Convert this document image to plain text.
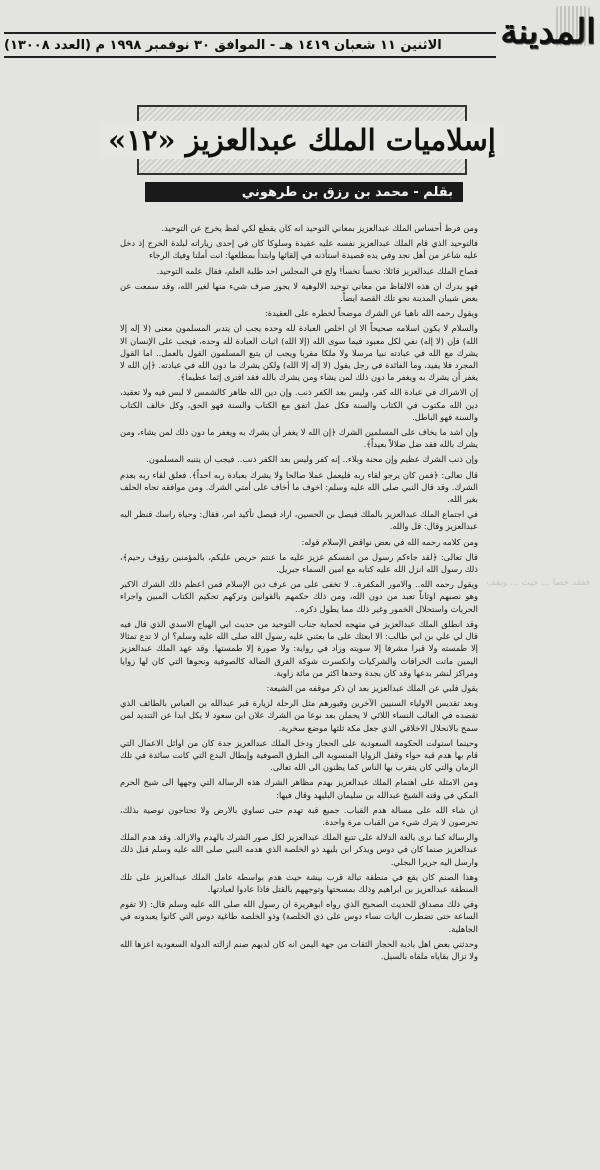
المدينة
الاثنين ١١ شعبان ١٤١٩ هـ - الموافق ٣٠ نوفمبر ١٩٩٨ م (العدد ١٣٠٠٨)
إسلاميات الملك عبدالعزيز «١٢»
بقلم - محمد بن رزق بن طرهوني
ففقد حصا ... حيث ... ويقف

ومن فرط أحساس الملك عبدالعزيز بمعاني التوحيد انه كان يقطع لكي لفظ يخرج عن التوحيد.

فالتوحيد الذي قام الملك عبدالعزيز نفسه عليه عقيدة وسلوكا كان في إحدى زياراته لبلدة الخرج إذ دخل عليه شاعر من أهل نجد وفي يده قصيدة استأذنه في إلقائها وابتدأ بمطلعها: انت أملنا وفيك الرجاء

فصاح الملك عبدالعزيز قائلا: تخسأ تخسأ! ولج في المجلس احد طلبة العلم، فقال علمه التوحيد.

فهو يدرك ان هذه الالفاظ من معاني توحيد الالوهية لا يجوز صرف شيء منها لغير الله، وقد سمعت عن بعض شيبان المدينة نحو تلك القصة ايضاً.

ويقول رحمه الله ناهيا عن الشرك موضحاً لخطره على العقيدة:

والسلام لا يكون اسلامه صحيحاً الا ان اخلص العبادة لله وحده يجب ان يتدبر المسلمون معنى (لا إله إلا الله) فإن (لا إله) نفي لكل معبود فيما سوى الله (إلا الله) اثبات العبادة لله وحده، فيجب على الإنسان الا يشرك مع الله في عبادته نبيا مرسلا ولا ملكا مقربا ويجب ان يتبع المسلمون القول بالعمل.. اما القول المجرد فلا يفيد، وما الفائدة في رجل يقول (لا إله إلا الله) ولكن يشرك ما دون الله في عبادته. ﴿إن الله لا يغفر أن يشرك به ويغفر ما دون ذلك لمن يشاء ومن يشرك بالله فقد افترى إثما عظيما﴾.

إن الاشراك في عبادة الله كفر، وليس بعد الكفر ذنب. وإن دين الله ظاهر كالشمس لا لبس فيه ولا تعقيد، دين الله مكتوب في الكتاب والسنة فكل عمل اتفق مع الكتاب والسنة فهو الحق، وكل خالف الكتاب والسنة فهو الباطل.

وإن اشد ما يخاف على المسلمين الشرك ﴿إن الله لا يغفر أن يشرك به ويغفر ما دون ذلك لمن يشاء، ومن يشرك بالله فقد ضل ضلالاً بعيداً﴾.

وإن ذنب الشرك عظيم وإن محنة وبلاء.. إنه كفر وليس بعد الكفر ذنب.. فيجب ان يتنبه المسلمون.

قال تعالى: ﴿فمن كان يرجو لقاء ربه فليعمل عملا صالحا ولا يشرك بعبادة ربه احداً﴾. فعلق لقاء ربه بعدم الشرك. وقد قال النبي صلى الله عليه وسلم: اخوف ما أخاف على أمتي الشرك. ومن موافقه تجاه الحلف بغير الله.

في اجتماع الملك عبدالعزيز بالملك فيصل بن الحسين، اراد فيصل تأكيد امر، فقال: وحياة راسك فنظر اليه عبدالعزيز وقال: قل والله.

ومن كلامه رحمه الله في بعض نواقض الإسلام قوله:

قال تعالى: ﴿لقد جاءكم رسول من انفسكم عزيز عليه ما عنتم حريص عليكم، بالمؤمنين رؤوف رحيم﴾، ذلك رسول الله انزل الله عليه كتابه مع امين السماء جبريل.

ويقول رحمه الله.. والامور المكفرة.. لا تخفى على من عرف دين الإسلام فمن اعظم ذلك الشرك الاكبر وهو نصبهم اوثاناً تعبد من دون الله، ومن ذلك حكمهم بالقوانين وتركهم تحكيم الكتاب المبين واجراء الحريات واستحلال الخمور وغير ذلك مما يطول ذكره..

وقد انطلق الملك عبدالعزيز في منهجه لحماية جناب التوحيد من حديث ابي الهياج الاسدي الذي قال فيه قال لي علي بن ابي طالب: الا ابعثك على ما بعثني عليه رسول الله صلى الله عليه وسلم؟ ان لا تدع تمثالا إلا طمسته ولا قبرا مشرفا إلا سويته وزاد في رواية: ولا صورة إلا طمستها. وقد عهد الملك عبدالعزيز اليمين ماتت الخرافات والشركيات وانكسرت شوكة الفرق الضالة كالصوفية ونحوها التي كان لها زوايا ومراكز لنشر بدعها وقد كان بجدة وحدها اكثر من مائة زاوية.

يقول فلبي عن الملك عبدالعزيز بعد ان ذكر موقفه من الشيعة:

وبعد تقديس الاولياء السنيين الآخرين وقبورهم مثل الرحلة لزيارة قبر عبدالله بن العباس بالطائف الذي تقصده في الغالب النساء اللائي لا يحملن بعد نوعا من الشرك علان ابن سعود لا يكل ابدا عن التنديد لمن سمح بالانحلال الاخلاقي الذي جعل مكة ثلثها موضع سخرية.

وحينما استولت الحكومة السعودية على الحجاز ودخل الملك عبدالعزيز جدة كان من اوائل الاعمال التي قام بها هدم قبة حواء وقفل الزوايا المنسوبة الى الطرق الصوفية وإبطال البدع التي كانت سائدة في تلك الزمان والتي كان يتقرب بها الناس كما يظنون الى الله تعالى.

ومن الامثلة على اهتمام الملك عبدالعزيز بهدم مظاهر الشرك هذه الرسالة التي وجهها الى شيخ الحرم المكي في وقته الشيخ عبدالله بن سليمان البليهد وقال فيها:

ان شاء الله على مسالة هدم القباب. جميع قبة تهدم حتى تساوي بالارض ولا تحتاجون توصية بذلك، تحرصون لا يترك شيء من القباب مرة واحدة.

والرسالة كما نرى بالغة الدلالة على تتبع الملك عبدالعزيز لكل صور الشرك بالهدم والازالة. وقد هدم الملك عبدالعزيز صنما كان في دوس ويذكر ابن بليهد ذو الخلصة الذي هدمه النبي صلى الله عليه وسلم قبل ذلك وارسل اليه جريرا البجلي.

وهذا الصنم كان يقع في منطقة تبالة قرب بيشة حيث هدم بواسطة عامل الملك عبدالعزيز على تلك المنطقة عبدالعزيز بن ابراهيم وذلك بمسحتها وتوجههم بالقتل فاذا عادوا لعبادتها.

وفي ذلك مصداق للحديث الصحيح الذي رواه ابوهريرة ان رسول الله صلى الله عليه وسلم قال: (لا تقوم الساعة حتى تضطرب اليات نساء دوس على ذي الخلصة) وذو الخلصة طاغية دوس التي كانوا يعبدونه في الجاهلية.

وحدثني بعض اهل بادية الحجاز الثقات من جهة اليمن انه كان لديهم صنم ازالته الدولة السعودية اعزها الله ولا تزال بقاياه ملقاه بالسيل.
